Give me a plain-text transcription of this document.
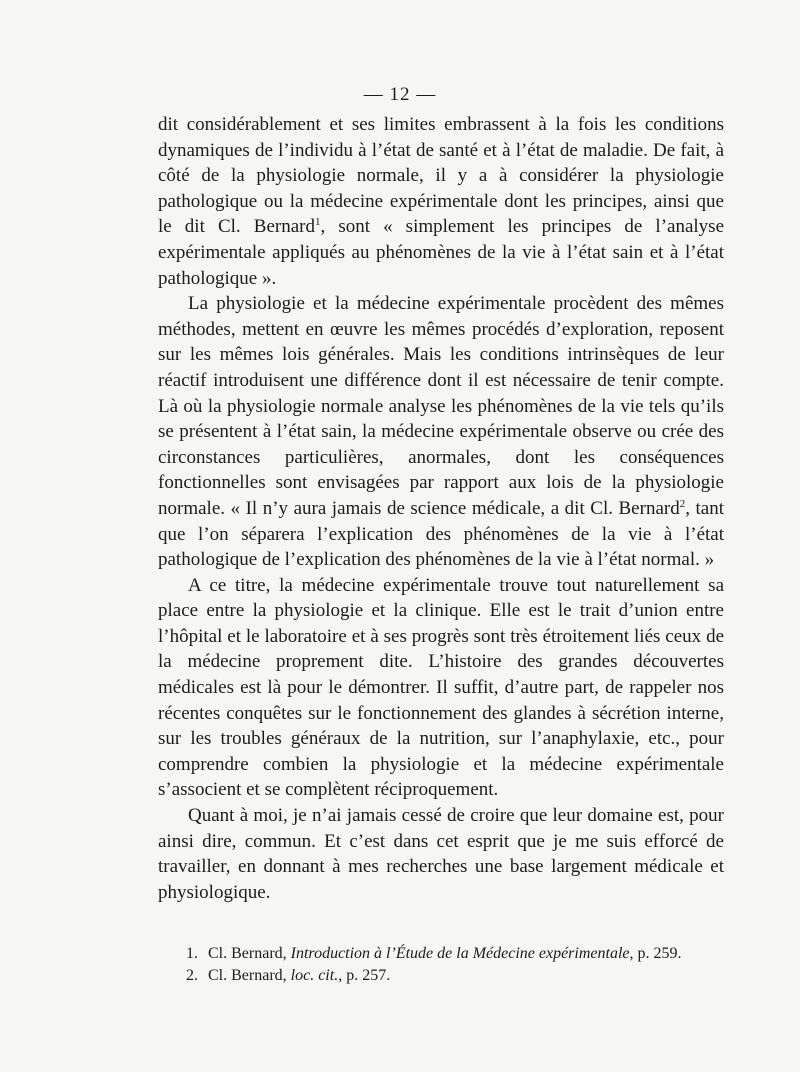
— 12 —

dit considérablement et ses limites embrassent à la fois les conditions dynamiques de l’individu à l’état de santé et à l’état de maladie. De fait, à côté de la physiologie normale, il y a à considérer la physiologie pathologique ou la médecine expérimentale dont les principes, ainsi que le dit Cl. Bernard$^1$, sont « simplement les principes de l’analyse expérimentale appliqués au phénomènes de la vie à l’état sain et à l’état pathologique ».

La physiologie et la médecine expérimentale procèdent des mêmes méthodes, mettent en œuvre les mêmes procédés d’exploration, reposent sur les mêmes lois générales. Mais les conditions intrinsèques de leur réactif introduisent une différence dont il est nécessaire de tenir compte. Là où la physiologie normale analyse les phénomènes de la vie tels qu’ils se présentent à l’état sain, la médecine expérimentale observe ou crée des circonstances particulières, anormales, dont les conséquences fonctionnelles sont envisagées par rapport aux lois de la physiologie normale. « Il n’y aura jamais de science médicale, a dit Cl. Bernard$^2$, tant que l’on séparera l’explication des phénomènes de la vie à l’état pathologique de l’explication des phénomènes de la vie à l’état normal. »

A ce titre, la médecine expérimentale trouve tout naturellement sa place entre la physiologie et la clinique. Elle est le trait d’union entre l’hôpital et le laboratoire et à ses progrès sont très étroitement liés ceux de la médecine proprement dite. L’histoire des grandes découvertes médicales est là pour le démontrer. Il suffit, d’autre part, de rappeler nos récentes conquêtes sur le fonctionnement des glandes à sécrétion interne, sur les troubles généraux de la nutrition, sur l’anaphylaxie, etc., pour comprendre combien la physiologie et la médecine expérimentale s’associent et se complètent réciproquement.

Quant à moi, je n’ai jamais cessé de croire que leur domaine est, pour ainsi dire, commun. Et c’est dans cet esprit que je me suis efforcé de travailler, en donnant à mes recherches une base largement médicale et physiologique.

1. Cl. Bernard, Introduction à l’Étude de la Médecine expérimentale, p. 259.

2. Cl. Bernard, loc. cit., p. 257.
